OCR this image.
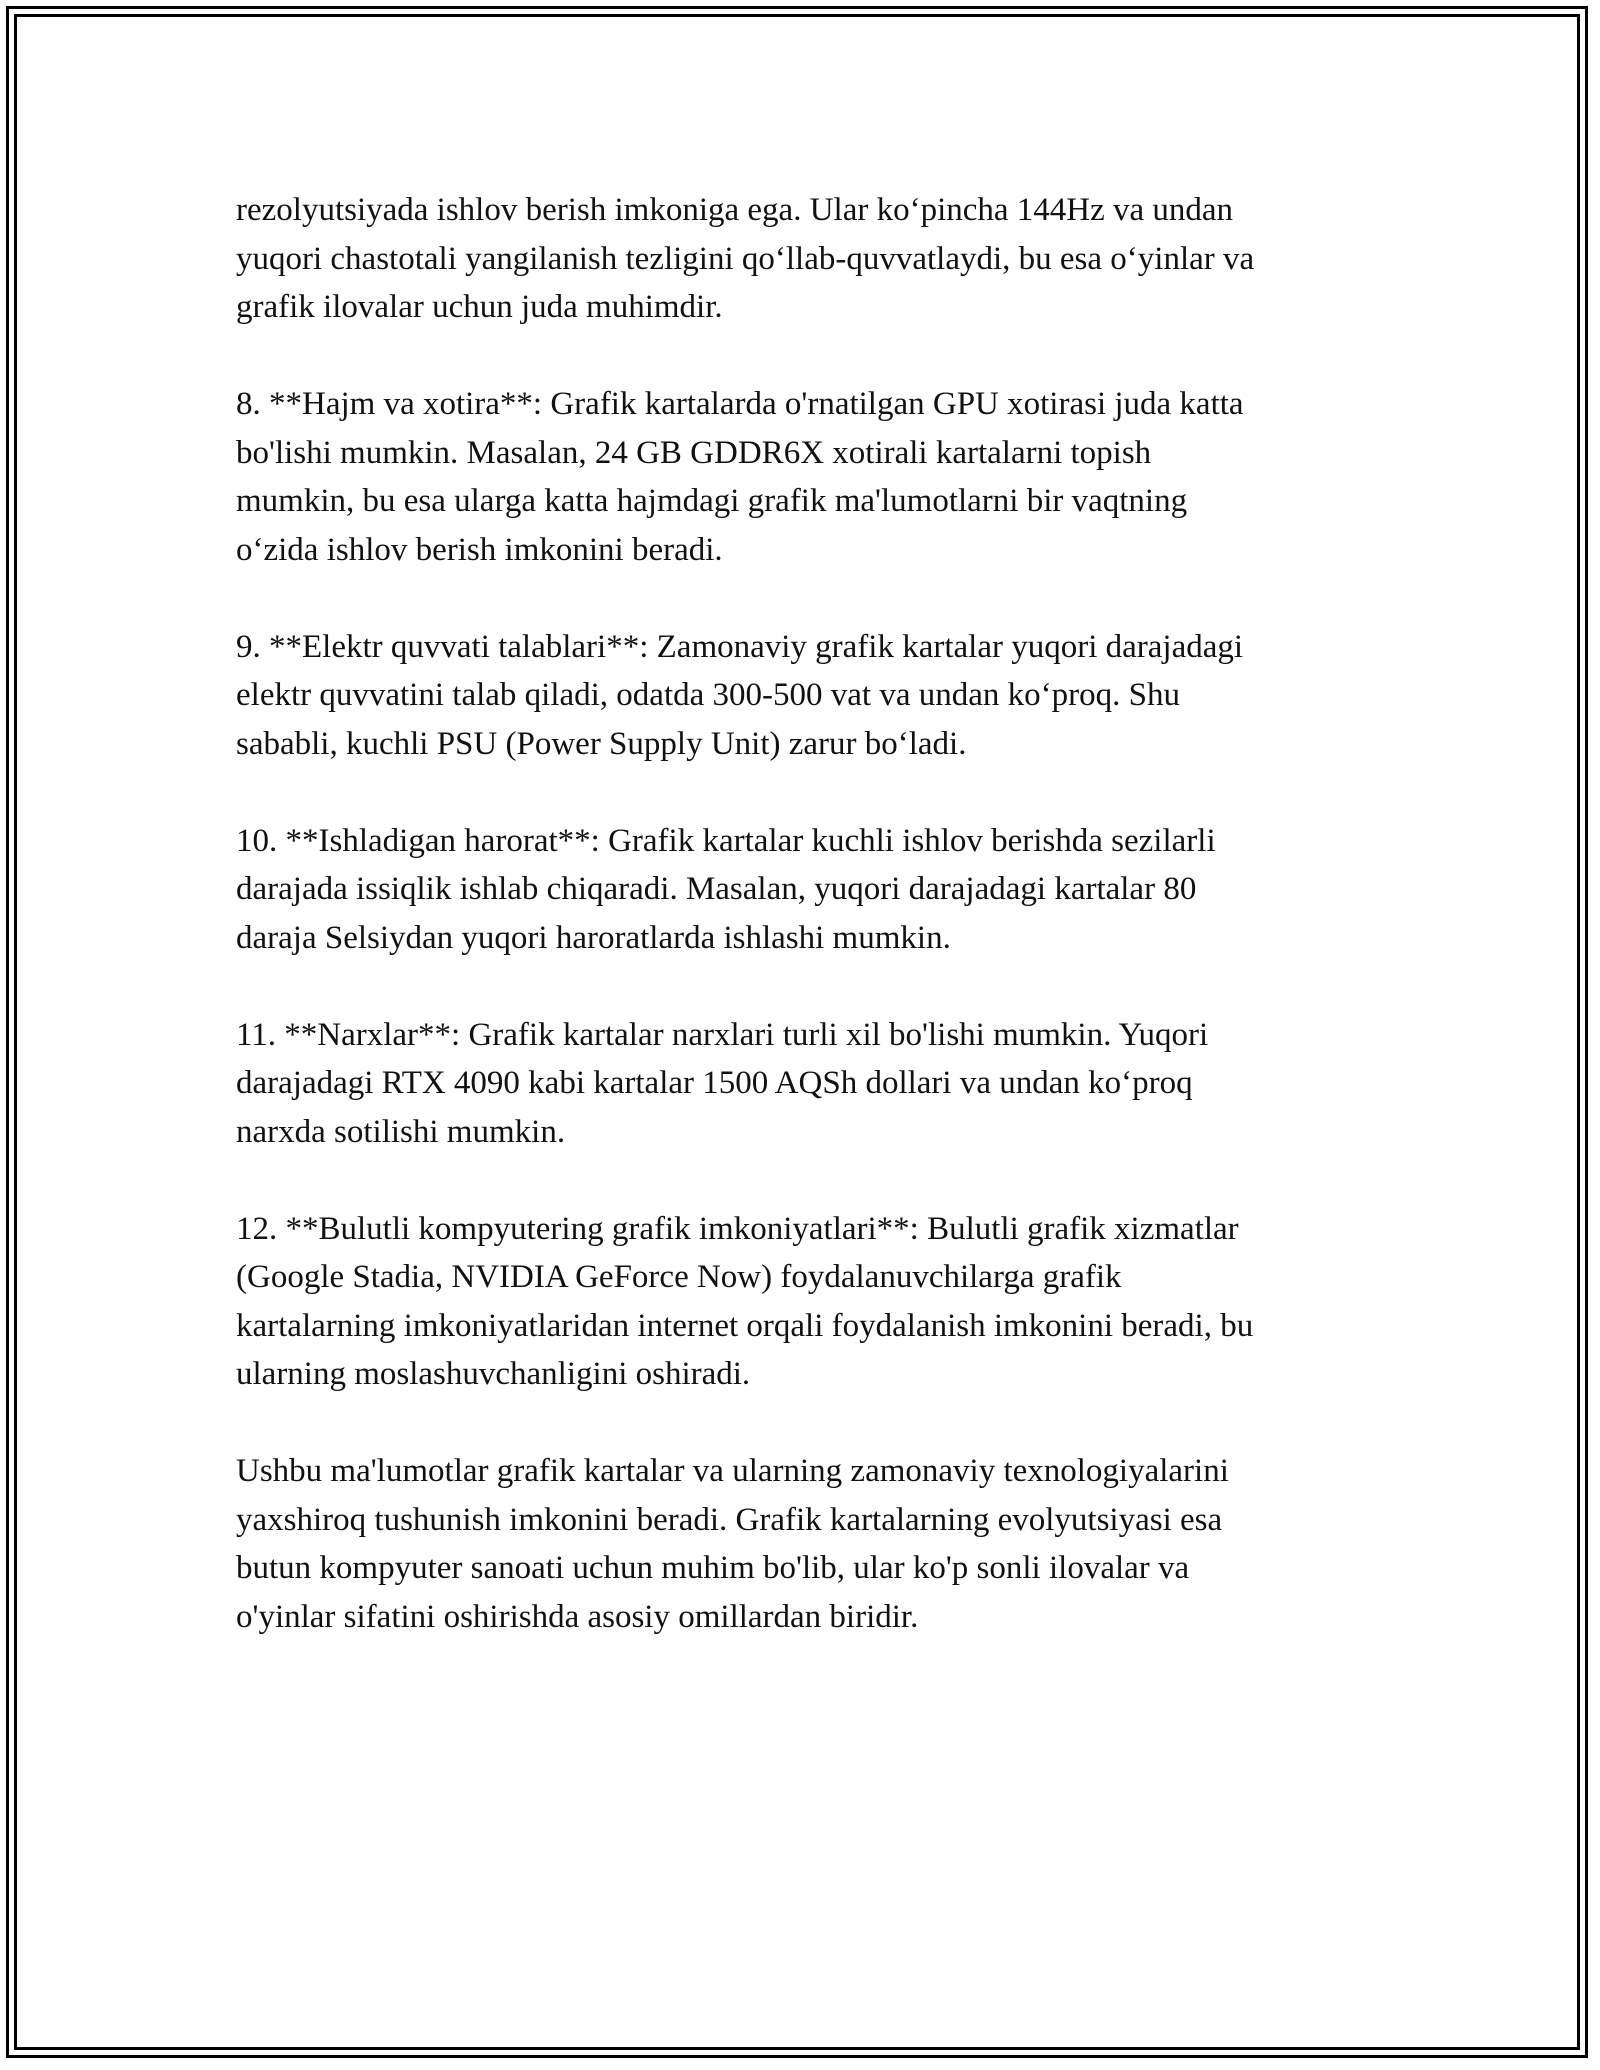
rezolyutsiyada ishlov berish imkoniga ega. Ular ko‘pincha 144Hz va undan
yuqori chastotali yangilanish tezligini qo‘llab-quvvatlaydi, bu esa o‘yinlar va
grafik ilovalar uchun juda muhimdir.

8. **Hajm va xotira**: Grafik kartalarda o'rnatilgan GPU xotirasi juda katta
bo'lishi mumkin. Masalan, 24 GB GDDR6X xotirali kartalarni topish
mumkin, bu esa ularga katta hajmdagi grafik ma'lumotlarni bir vaqtning
o‘zida ishlov berish imkonini beradi.

9. **Elektr quvvati talablari**: Zamonaviy grafik kartalar yuqori darajadagi
elektr quvvatini talab qiladi, odatda 300-500 vat va undan ko‘proq. Shu
sababli, kuchli PSU (Power Supply Unit) zarur bo‘ladi.

10. **Ishladigan harorat**: Grafik kartalar kuchli ishlov berishda sezilarli
darajada issiqlik ishlab chiqaradi. Masalan, yuqori darajadagi kartalar 80
daraja Selsiydan yuqori haroratlarda ishlashi mumkin.

11. **Narxlar**: Grafik kartalar narxlari turli xil bo'lishi mumkin. Yuqori
darajadagi RTX 4090 kabi kartalar 1500 AQSh dollari va undan ko‘proq
narxda sotilishi mumkin.

12. **Bulutli kompyutering grafik imkoniyatlari**: Bulutli grafik xizmatlar
(Google Stadia, NVIDIA GeForce Now) foydalanuvchilarga grafik
kartalarning imkoniyatlaridan internet orqali foydalanish imkonini beradi, bu
ularning moslashuvchanligini oshiradi.

Ushbu ma'lumotlar grafik kartalar va ularning zamonaviy texnologiyalarini
yaxshiroq tushunish imkonini beradi. Grafik kartalarning evolyutsiyasi esa
butun kompyuter sanoati uchun muhim bo'lib, ular ko'p sonli ilovalar va
o'yinlar sifatini oshirishda asosiy omillardan biridir.
